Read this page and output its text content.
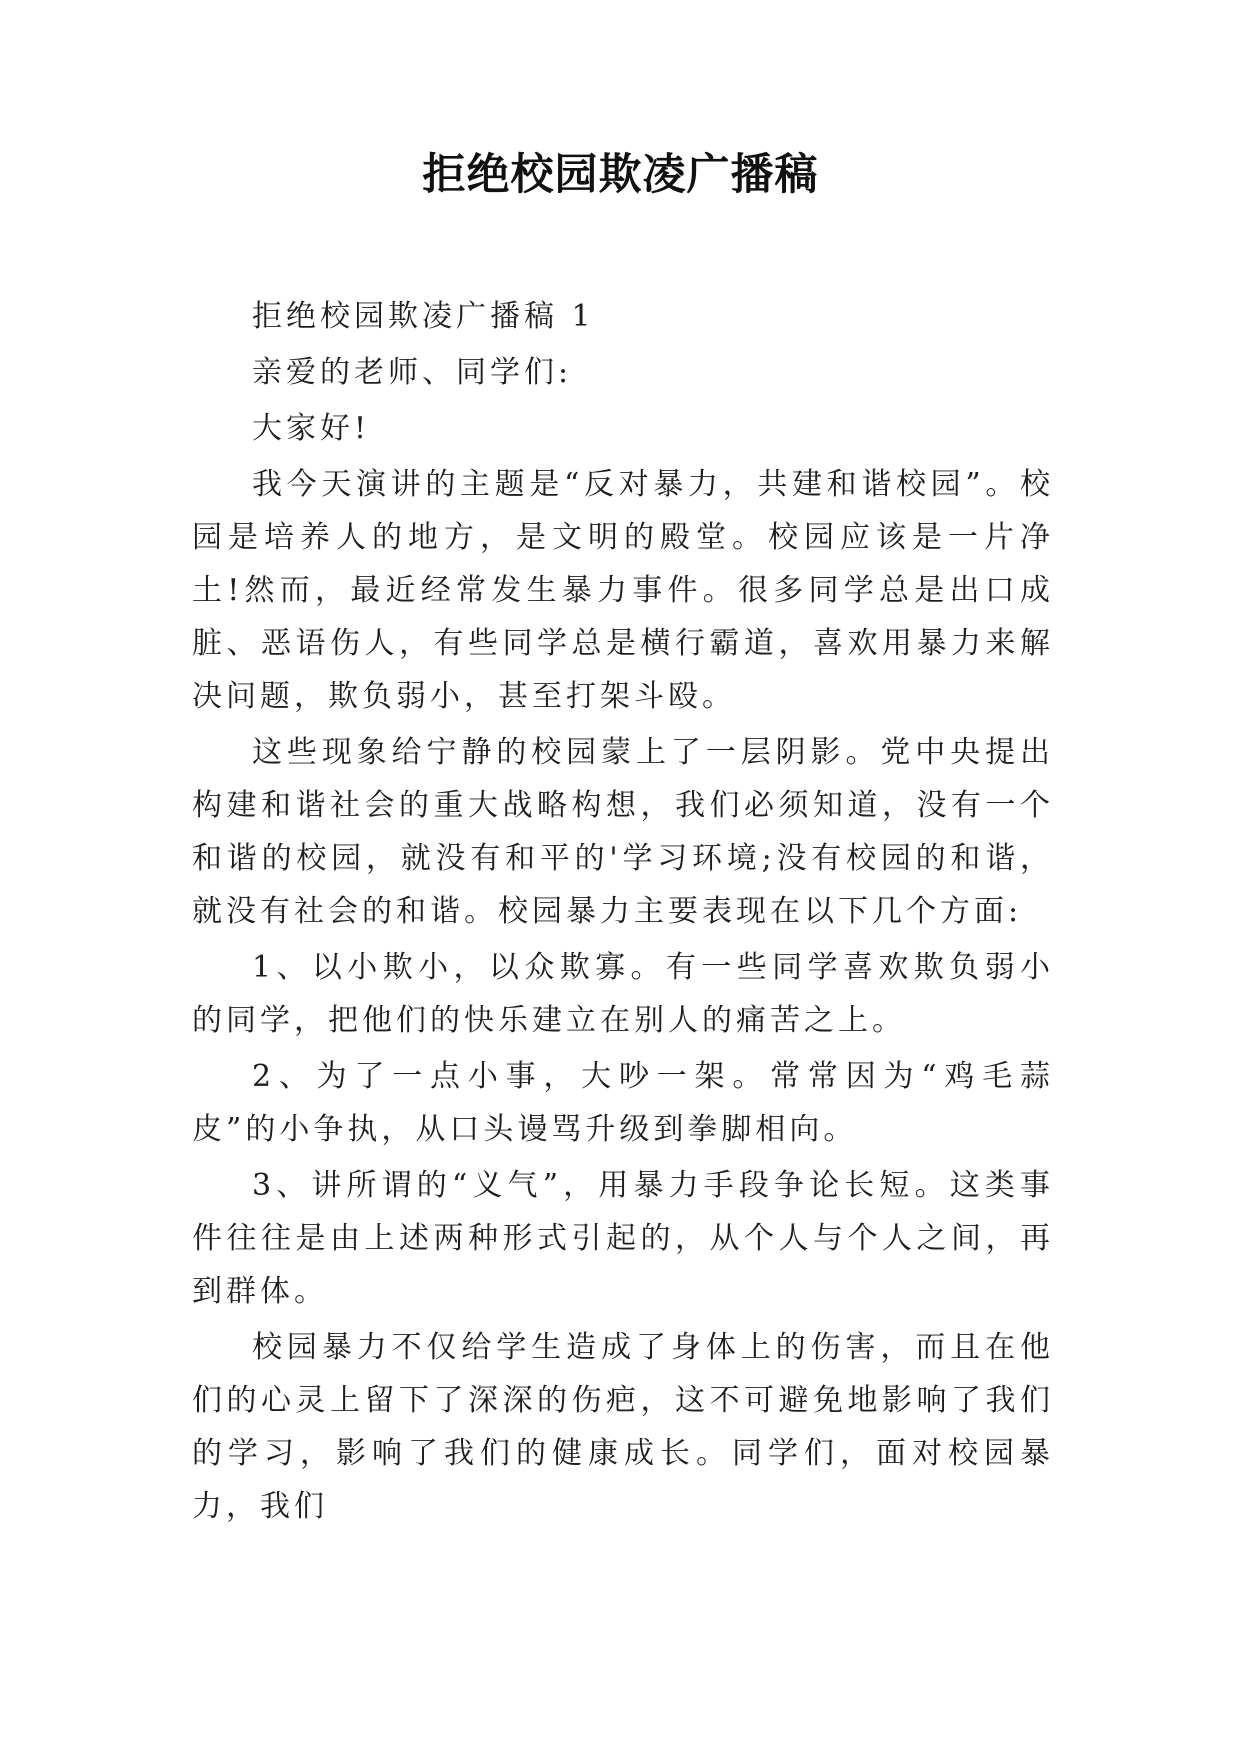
拒绝校园欺凌广播稿

拒绝校园欺凌广播稿 1

亲爱的老师、同学们:

大家好!

我今天演讲的主题是“反对暴力，共建和谐校园”。校园是培养人的地方，是文明的殿堂。校园应该是一片净土!然而，最近经常发生暴力事件。很多同学总是出口成脏、恶语伤人，有些同学总是横行霸道，喜欢用暴力来解决问题，欺负弱小，甚至打架斗殴。

这些现象给宁静的校园蒙上了一层阴影。党中央提出构建和谐社会的重大战略构想，我们必须知道，没有一个和谐的校园，就没有和平的'学习环境;没有校园的和谐，就没有社会的和谐。校园暴力主要表现在以下几个方面:

1、以小欺小，以众欺寡。有一些同学喜欢欺负弱小的同学，把他们的快乐建立在别人的痛苦之上。

2、为了一点小事，大吵一架。常常因为“鸡毛蒜皮”的小争执，从口头谩骂升级到拳脚相向。

3、讲所谓的“义气”，用暴力手段争论长短。这类事件往往是由上述两种形式引起的，从个人与个人之间，再到群体。

校园暴力不仅给学生造成了身体上的伤害，而且在他们的心灵上留下了深深的伤疤，这不可避免地影响了我们的学习，影响了我们的健康成长。同学们，面对校园暴力，我们
